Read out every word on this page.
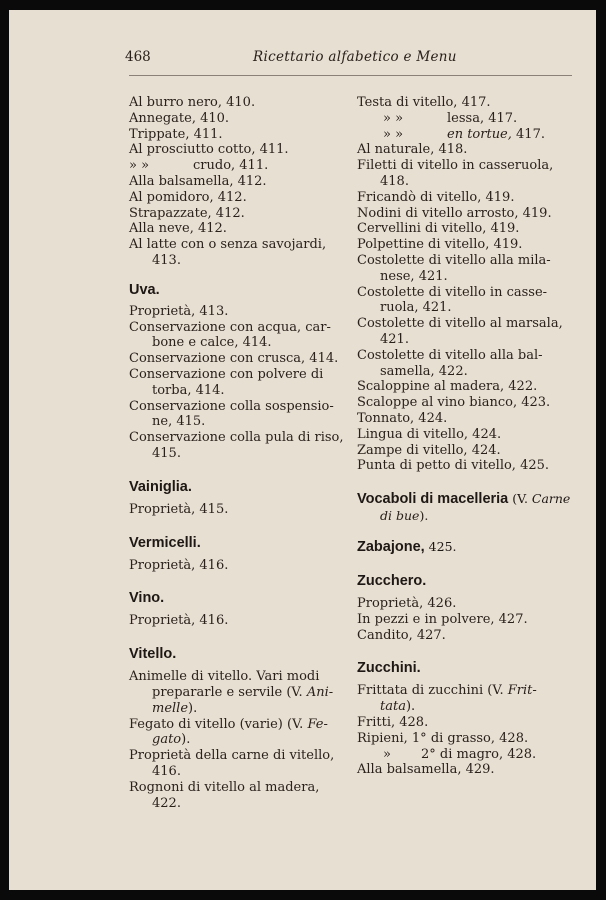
468	Ricettario alfabetico e Menu

Al burro nero, 410.

Annegate, 410.

Trippate, 411.

Al prosciutto cotto, 411.

» »	crudo, 411.

Alla balsamella, 412.

Al pomidoro, 412.

Strapazzate, 412.

Alla neve, 412.

Al latte con o senza savojardi,

413.

Uva.

Proprietà, 413.

Conservazione con acqua, car-

bone e calce, 414.

Conservazione con crusca, 414.

Conservazione con polvere di

torba, 414.

Conservazione colla sospensio-

ne, 415.

Conservazione colla pula di riso,

415.

Vainiglia.

Proprietà, 415.

Vermicelli.

Proprietà, 416.

Vino.

Proprietà, 416.

Vitello.

Animelle di vitello. Vari modi

prepararle e servile (V. Ani-

melle).

Fegato di vitello (varie) (V. Fe-

gato).

Proprietà della carne di vitello,

416.

Rognoni di vitello al madera,

422.

Testa di vitello, 417.

» »	lessa, 417.

» »	en tortue, 417.

Al naturale, 418.

Filetti di vitello in casseruola,

418.

Fricandò di vitello, 419.

Nodini di vitello arrosto, 419.

Cervellini di vitello, 419.

Polpettine di vitello, 419.

Costolette di vitello alla mila-

nese, 421.

Costolette di vitello in casse-

ruola, 421.

Costolette di vitello al marsala,

421.

Costolette di vitello alla bal-

samella, 422.

Scaloppine al madera, 422.

Scaloppe al vino bianco, 423.

Tonnato, 424.

Lingua di vitello, 424.

Zampe di vitello, 424.

Punta di petto di vitello, 425.

Vocaboli di macelleria (V. Carne

di bue).

Zabajone, 425.
Zucchero.

Proprietà, 426.

In pezzi e in polvere, 427.

Candito, 427.

Zucchini.

Frittata di zucchini (V. Frit-

tata).

Fritti, 428.

Ripieni, 1° di grasso, 428.

» 2° di magro, 428.

Alla balsamella, 429.
